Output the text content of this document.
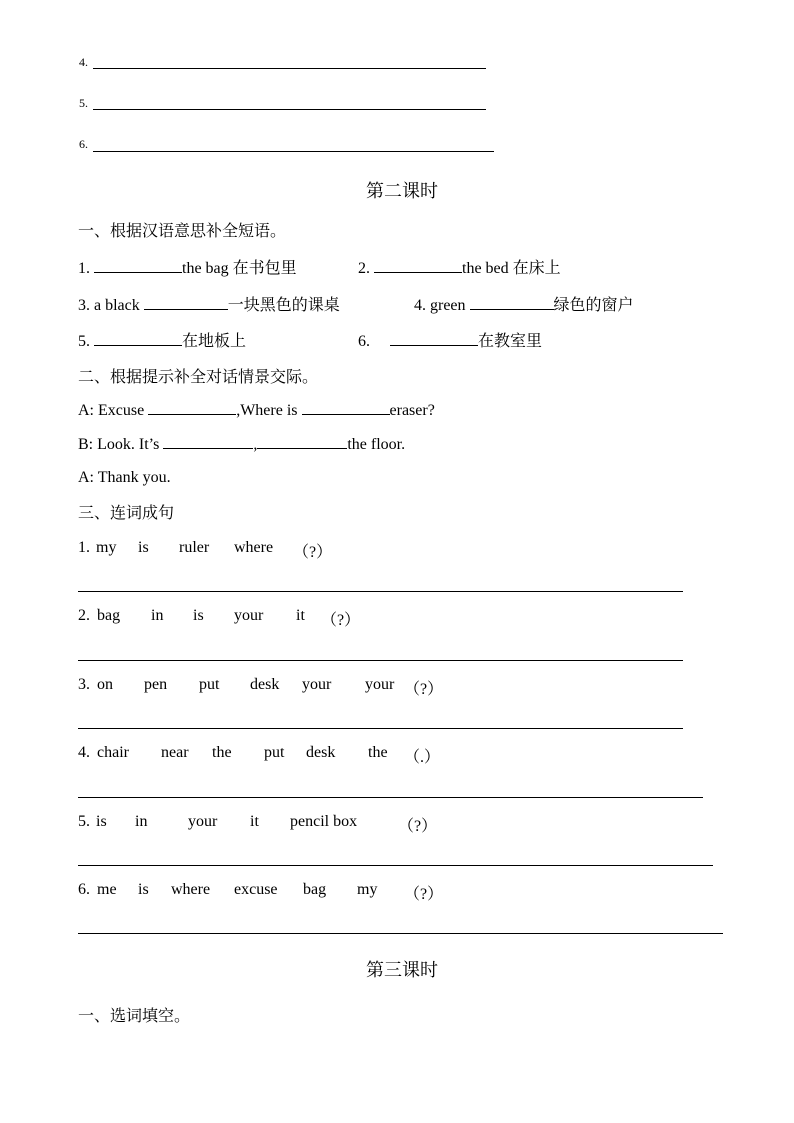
4.
5.
6.
第二课时
一、根据汉语意思补全短语。
1.	the bag 在书包里	2.	the bed 在床上
3. a black	一块黑色的课桌	4. green	绿色的窗户
5.	在地板上	6.	在教室里
二、根据提示补全对话情景交际。
A: Excuse	,Where is	eraser?
B: Look. It’s	,	the floor.
A: Thank you.
三、连词成句
1. my is ruler where （?）
2. bag in is your it （?）
3. on pen put desk your your （?）
4. chair near the put desk the （.）
5. is in	your it pencil box	（?）
6. me is where excuse bag my （?）
第三课时
一、选词填空。
